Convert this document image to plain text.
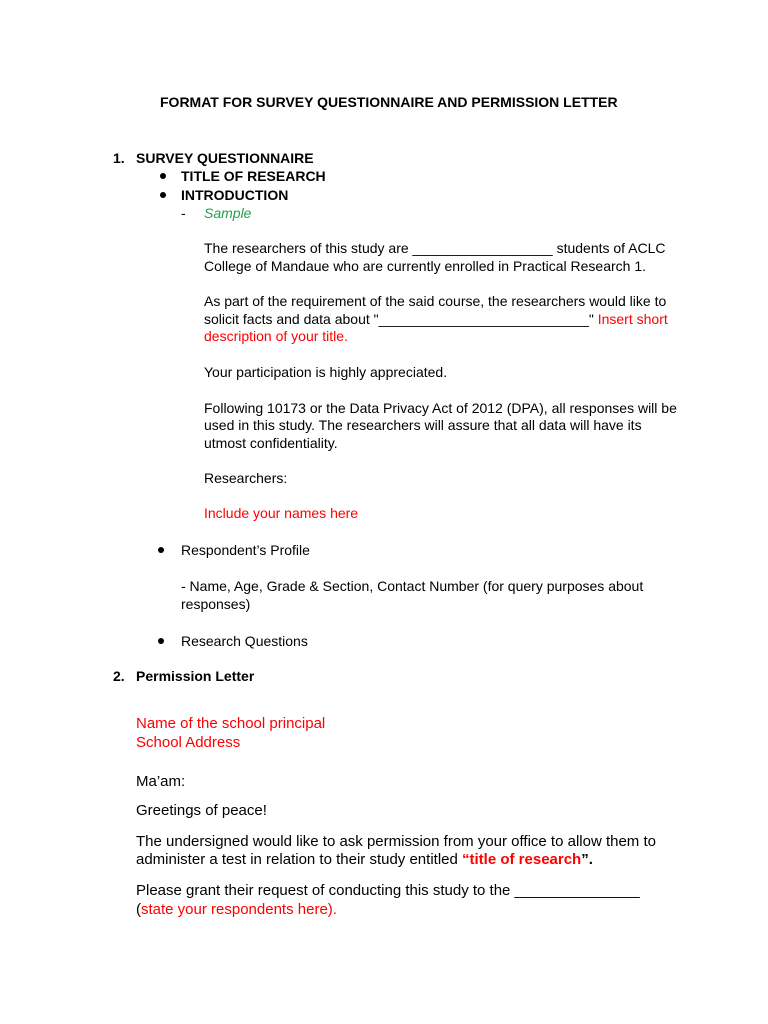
FORMAT FOR SURVEY QUESTIONNAIRE AND PERMISSION LETTER

1. SURVEY QUESTIONNAIRE

TITLE OF RESEARCH

INTRODUCTION

- Sample

The researchers of this study are __________________ students of ACLC

College of Mandaue who are currently enrolled in Practical Research 1.

As part of the requirement of the said course, the researchers would like to

solicit facts and data about "___________________________" Insert short

description of your title.

Your participation is highly appreciated.

Following 10173 or the Data Privacy Act of 2012 (DPA), all responses will be

used in this study. The researchers will assure that all data will have its

utmost confidentiality.

Researchers:

Include your names here

Respondent’s Profile

- Name, Age, Grade & Section, Contact Number (for query purposes about

responses)

Research Questions

2. Permission Letter

Name of the school principal

School Address

Ma’am:

Greetings of peace!

The undersigned would like to ask permission from your office to allow them to

administer a test in relation to their study entitled “title of research”.

Please grant their request of conducting this study to the _______________

(state your respondents here).
